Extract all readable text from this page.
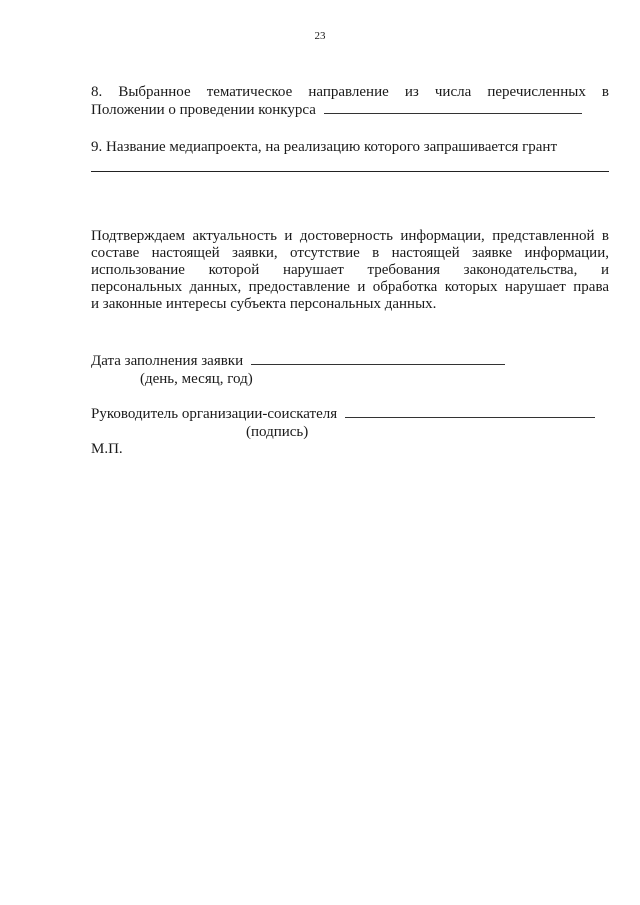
23
8. Выбранное тематическое направление из числа перечисленных в
Положении о проведении конкурса
9. Название медиапроекта, на реализацию которого запрашивается грант
Подтверждаем актуальность и достоверность информации, представленной в
составе настоящей заявки, отсутствие в настоящей заявке информации,
использование которой нарушает требования законодательства, и
персональных данных, предоставление и обработка которых нарушает права
и законные интересы субъекта персональных данных.
Дата заполнения заявки
(день, месяц, год)
Руководитель организации-соискателя
(подпись)
М.П.
